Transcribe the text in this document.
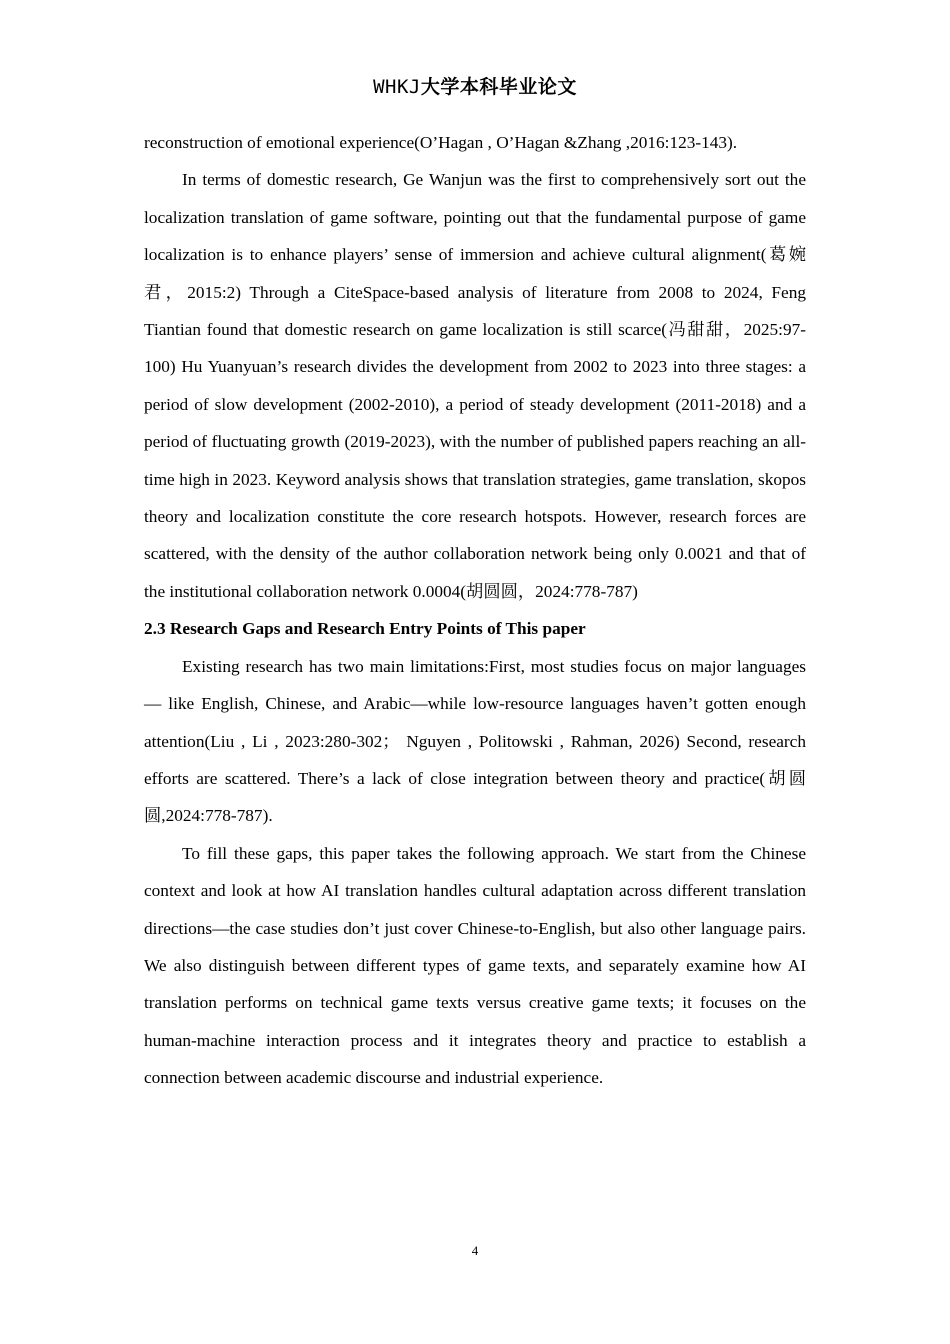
WHKJ大学本科毕业论文

reconstruction of emotional experience(O’Hagan , O’Hagan &Zhang ,2016:123-143).

In terms of domestic research, Ge Wanjun was the first to comprehensively sort out the localization translation of game software, pointing out that the fundamental purpose of game localization is to enhance players’ sense of immersion and achieve cultural alignment(葛婉君，2015:2) Through a CiteSpace-based analysis of literature from 2008 to 2024, Feng Tiantian found that domestic research on game localization is still scarce(冯甜甜，2025:97-100) Hu Yuanyuan’s research divides the development from 2002 to 2023 into three stages: a period of slow development (2002-2010), a period of steady development (2011-2018) and a period of fluctuating growth (2019-2023), with the number of published papers reaching an all-time high in 2023. Keyword analysis shows that translation strategies, game translation, skopos theory and localization constitute the core research hotspots. However, research forces are scattered, with the density of the author collaboration network being only 0.0021 and that of the institutional collaboration network 0.0004(胡圆圆，2024:778-787)

2.3 Research Gaps and Research Entry Points of This paper

Existing research has two main limitations:First, most studies focus on major languages — like English, Chinese, and Arabic—while low-resource languages haven’t gotten enough attention(Liu , Li , 2023:280-302； Nguyen , Politowski , Rahman, 2026) Second, research efforts are scattered. There’s a lack of close integration between theory and practice(胡圆圆,2024:778-787).

To fill these gaps, this paper takes the following approach. We start from the Chinese context and look at how AI translation handles cultural adaptation across different translation directions—the case studies don’t just cover Chinese-to-English, but also other language pairs. We also distinguish between different types of game texts, and separately examine how AI translation performs on technical game texts versus creative game texts; it focuses on the human-machine interaction process and it integrates theory and practice to establish a connection between academic discourse and industrial experience.

4
